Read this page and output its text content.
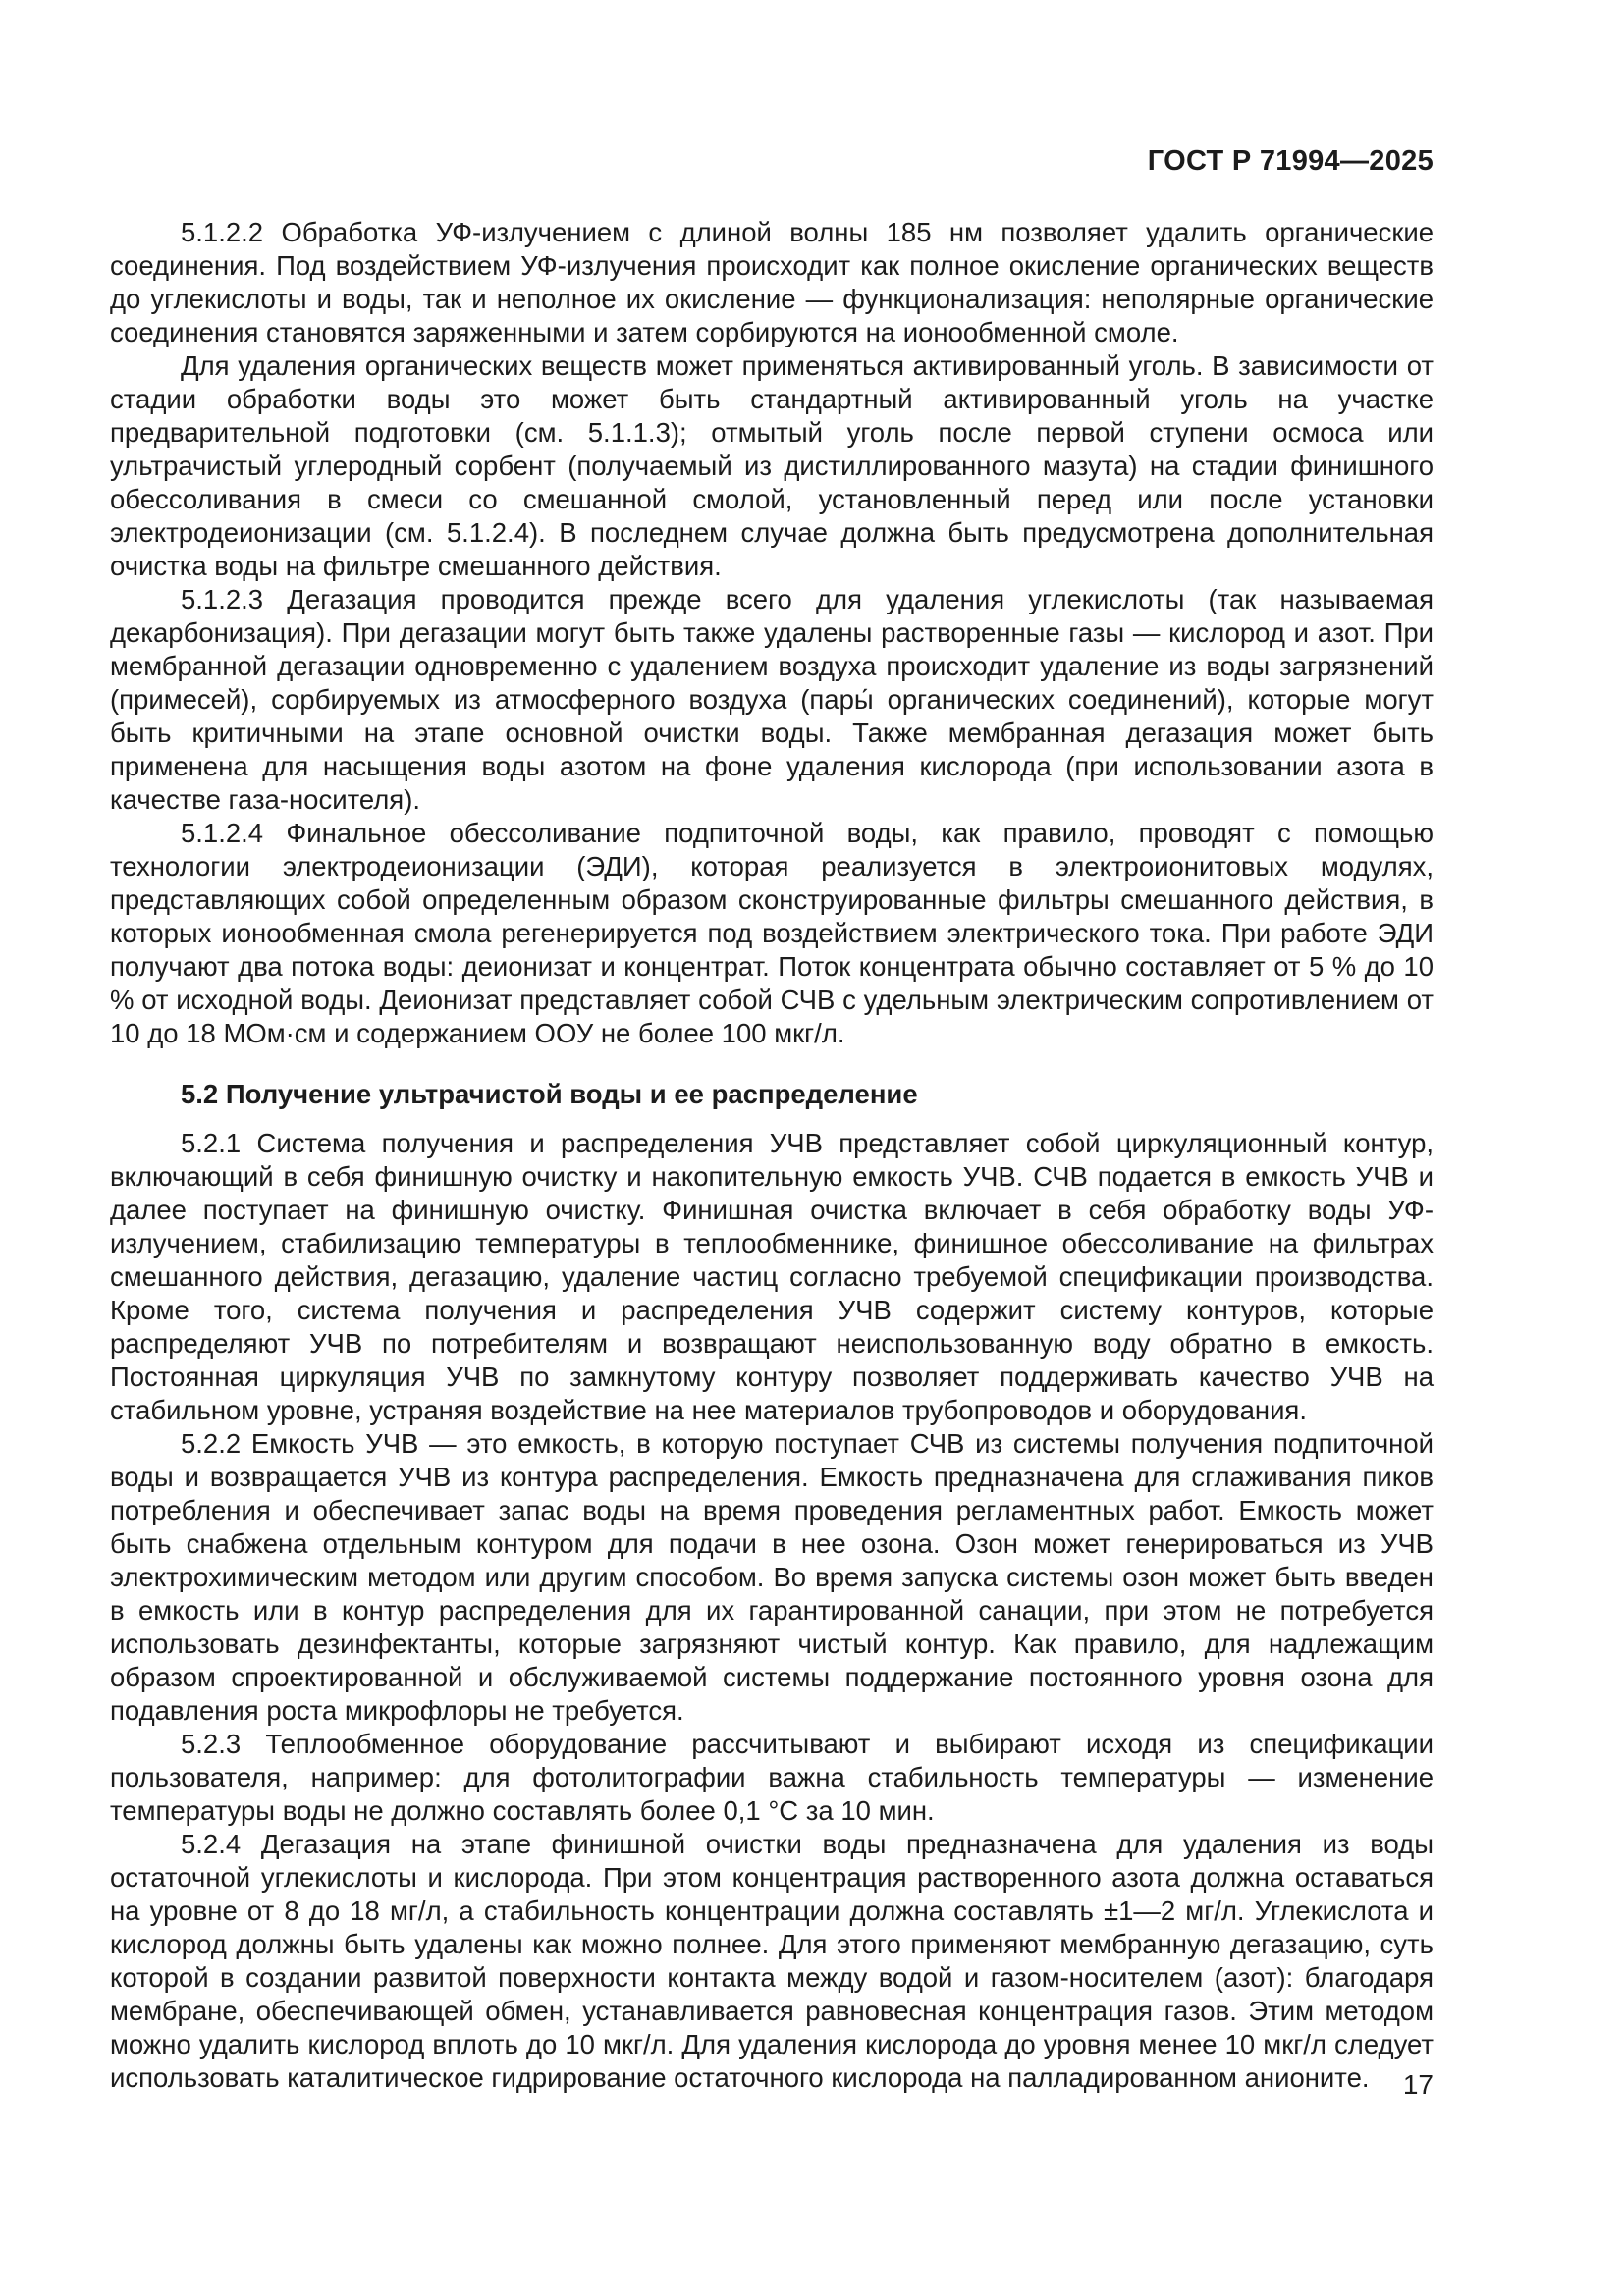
ГОСТ Р 71994—2025

5.1.2.2 Обработка УФ-излучением с длиной волны 185 нм позволяет удалить органические соединения. Под воздействием УФ-излучения происходит как полное окисление органических веществ до углекислоты и воды, так и неполное их окисление — функционализация: неполярные органические соединения становятся заряженными и затем сорбируются на ионообменной смоле.

Для удаления органических веществ может применяться активированный уголь. В зависимости от стадии обработки воды это может быть стандартный активированный уголь на участке предварительной подготовки (см. 5.1.1.3); отмытый уголь после первой ступени осмоса или ультрачистый углеродный сорбент (получаемый из дистиллированного мазута) на стадии финишного обессоливания в смеси со смешанной смолой, установленный перед или после установки электродеионизации (см. 5.1.2.4). В последнем случае должна быть предусмотрена дополнительная очистка воды на фильтре смешанного действия.

5.1.2.3 Дегазация проводится прежде всего для удаления углекислоты (так называемая декарбонизация). При дегазации могут быть также удалены растворенные газы — кислород и азот. При мембранной дегазации одновременно с удалением воздуха происходит удаление из воды загрязнений (примесей), сорбируемых из атмосферного воздуха (пары́ органических соединений), которые могут быть критичными на этапе основной очистки воды. Также мембранная дегазация может быть применена для насыщения воды азотом на фоне удаления кислорода (при использовании азота в качестве газа-носителя).

5.1.2.4 Финальное обессоливание подпиточной воды, как правило, проводят с помощью технологии электродеионизации (ЭДИ), которая реализуется в электроионитовых модулях, представляющих собой определенным образом сконструированные фильтры смешанного действия, в которых ионообменная смола регенерируется под воздействием электрического тока. При работе ЭДИ получают два потока воды: деионизат и концентрат. Поток концентрата обычно составляет от 5 % до 10 % от исходной воды. Деионизат представляет собой СЧВ с удельным электрическим сопротивлением от 10 до 18 МОм·см и содержанием ООУ не более 100 мкг/л.

5.2 Получение ультрачистой воды и ее распределение

5.2.1 Система получения и распределения УЧВ представляет собой циркуляционный контур, включающий в себя финишную очистку и накопительную емкость УЧВ. СЧВ подается в емкость УЧВ и далее поступает на финишную очистку. Финишная очистка включает в себя обработку воды УФ-излучением, стабилизацию температуры в теплообменнике, финишное обессоливание на фильтрах смешанного действия, дегазацию, удаление частиц согласно требуемой спецификации производства. Кроме того, система получения и распределения УЧВ содержит систему контуров, которые распределяют УЧВ по потребителям и возвращают неиспользованную воду обратно в емкость. Постоянная циркуляция УЧВ по замкнутому контуру позволяет поддерживать качество УЧВ на стабильном уровне, устраняя воздействие на нее материалов трубопроводов и оборудования.

5.2.2 Емкость УЧВ — это емкость, в которую поступает СЧВ из системы получения подпиточной воды и возвращается УЧВ из контура распределения. Емкость предназначена для сглаживания пиков потребления и обеспечивает запас воды на время проведения регламентных работ. Емкость может быть снабжена отдельным контуром для подачи в нее озона. Озон может генерироваться из УЧВ электрохимическим методом или другим способом. Во время запуска системы озон может быть введен в емкость или в контур распределения для их гарантированной санации, при этом не потребуется использовать дезинфектанты, которые загрязняют чистый контур. Как правило, для надлежащим образом спроектированной и обслуживаемой системы поддержание постоянного уровня озона для подавления роста микрофлоры не требуется.

5.2.3 Теплообменное оборудование рассчитывают и выбирают исходя из спецификации пользователя, например: для фотолитографии важна стабильность температуры — изменение температуры воды не должно составлять более 0,1 °С за 10 мин.

5.2.4 Дегазация на этапе финишной очистки воды предназначена для удаления из воды остаточной углекислоты и кислорода. При этом концентрация растворенного азота должна оставаться на уровне от 8 до 18 мг/л, а стабильность концентрации должна составлять ±1—2 мг/л. Углекислота и кислород должны быть удалены как можно полнее. Для этого применяют мембранную дегазацию, суть которой в создании развитой поверхности контакта между водой и газом-носителем (азот): благодаря мембране, обеспечивающей обмен, устанавливается равновесная концентрация газов. Этим методом можно удалить кислород вплоть до 10 мкг/л. Для удаления кислорода до уровня менее 10 мкг/л следует использовать каталитическое гидрирование остаточного кислорода на палладированном анионите.	17
